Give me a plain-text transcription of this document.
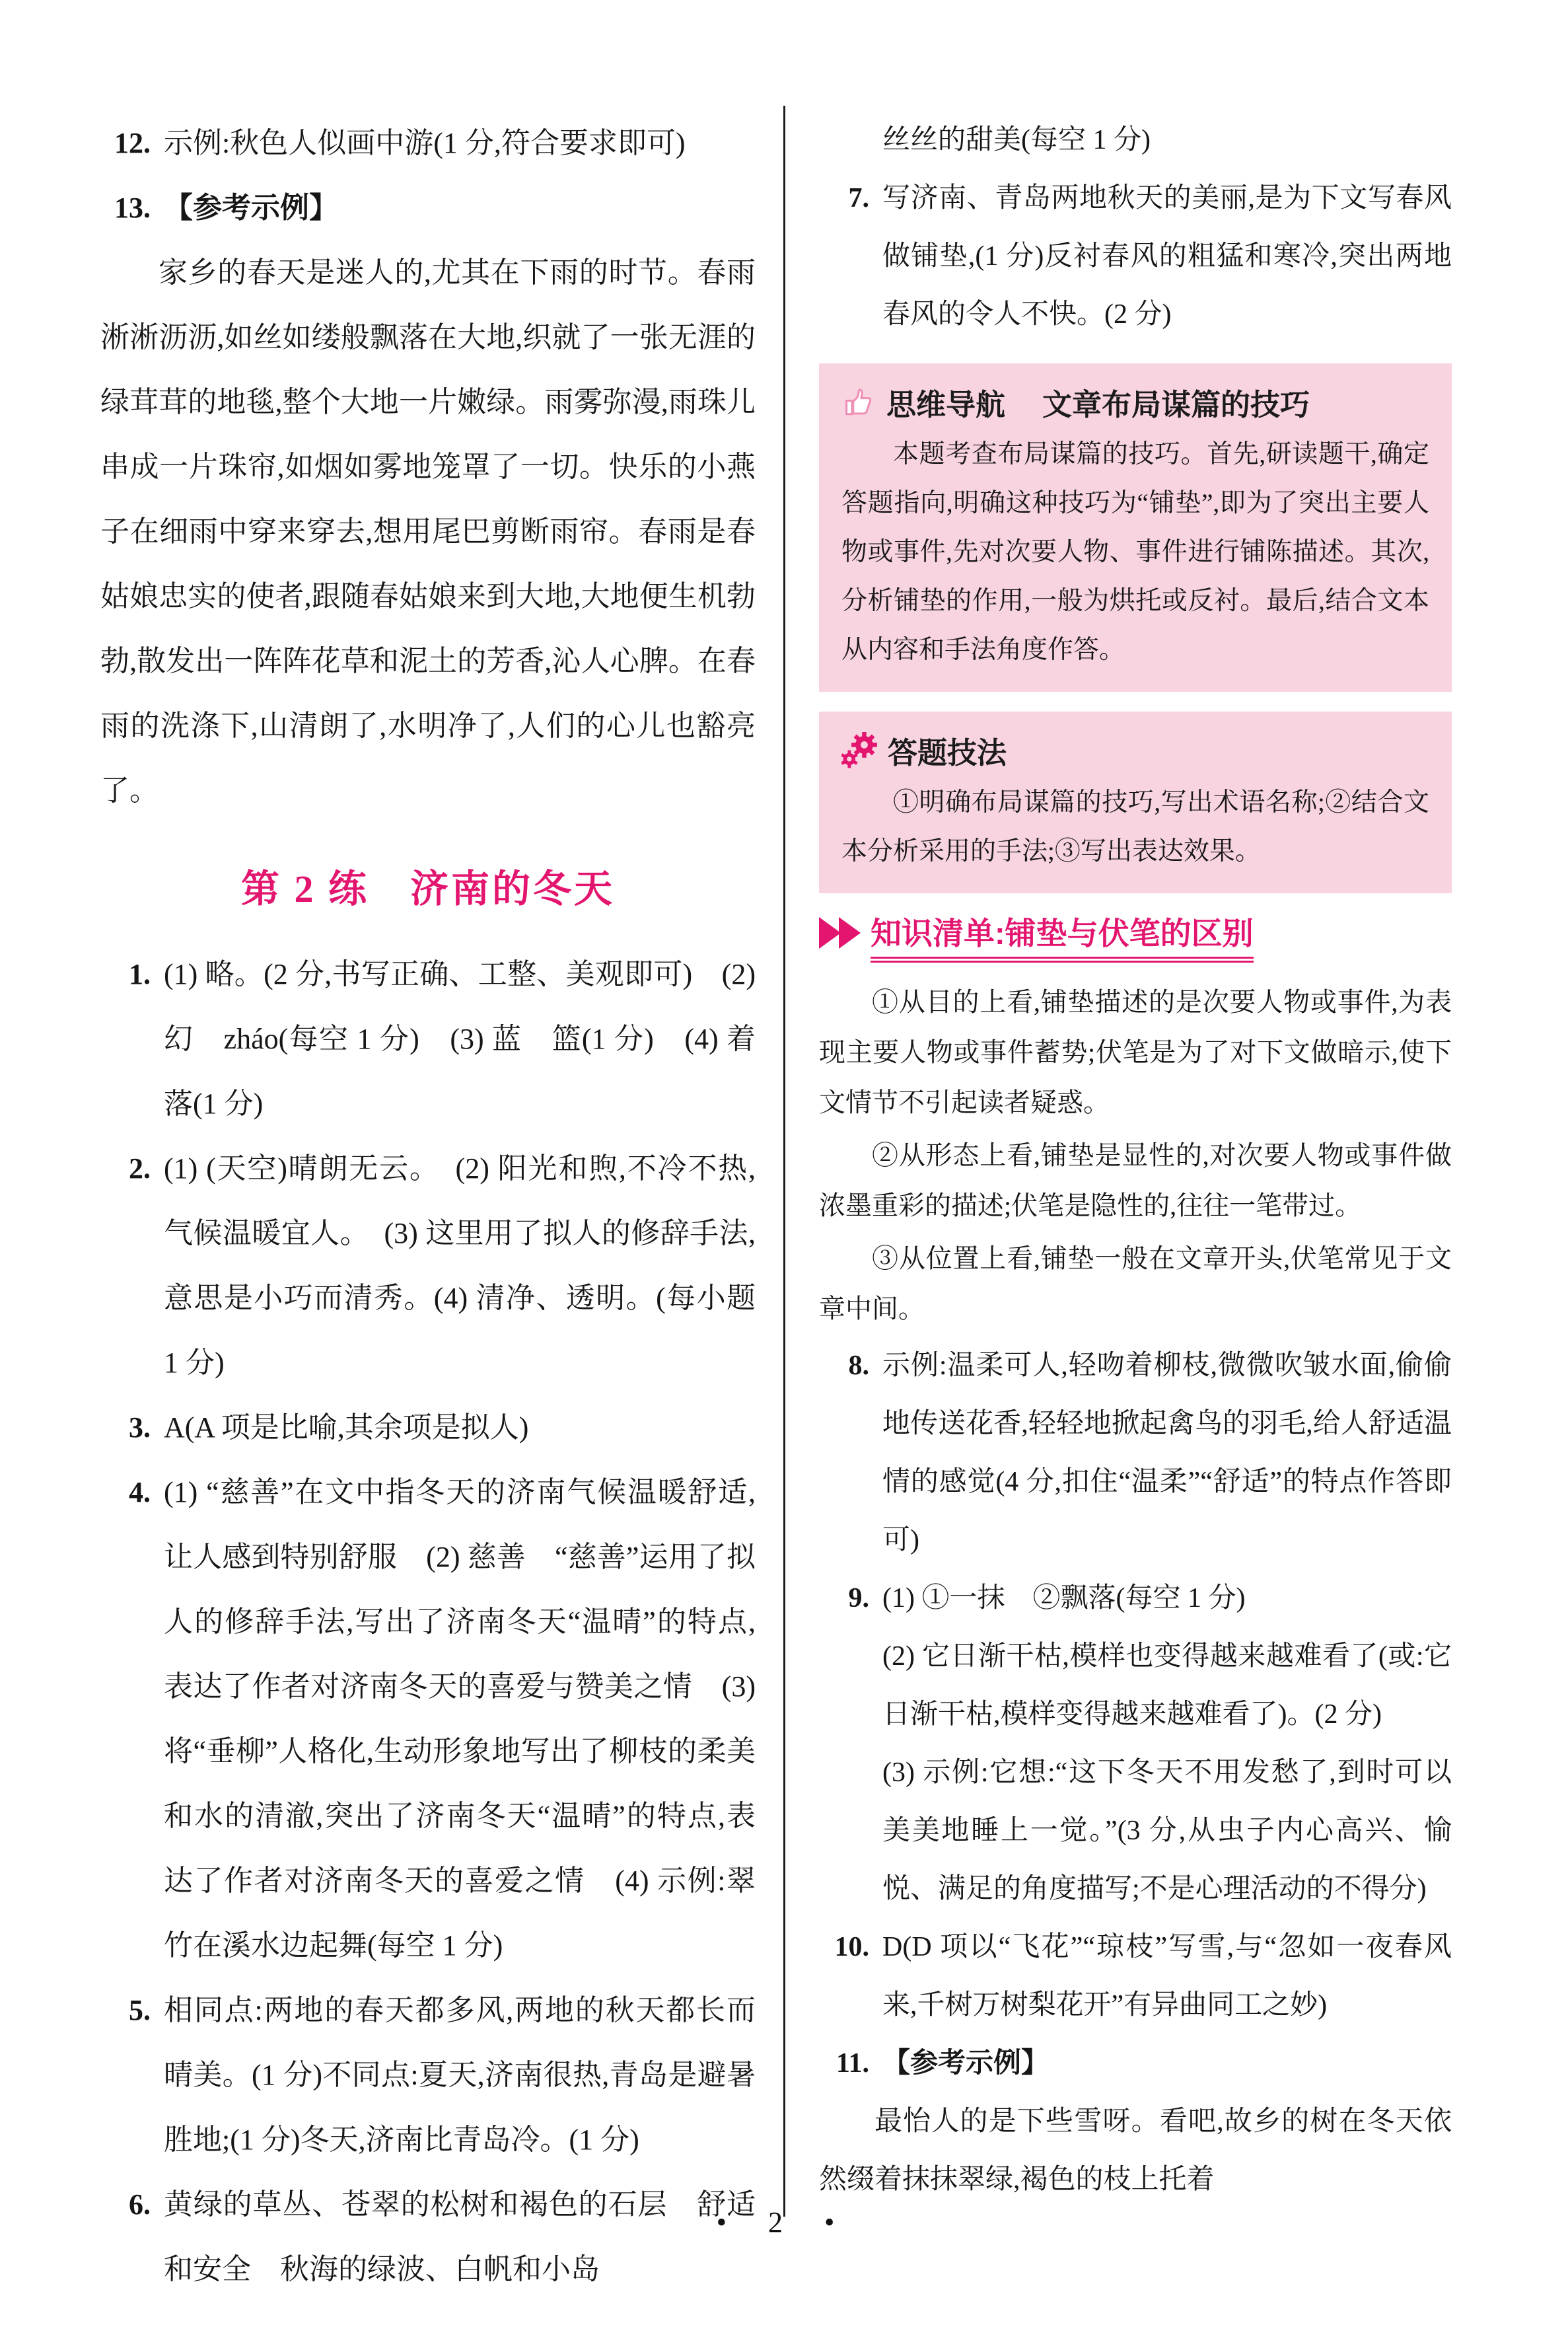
12. 示例:秋色人似画中游(1 分,符合要求即可)
13. 【参考示例】

家乡的春天是迷人的,尤其在下雨的时节。春雨淅淅沥沥,如丝如缕般飘落在大地,织就了一张无涯的绿茸茸的地毯,整个大地一片嫩绿。雨雾弥漫,雨珠儿串成一片珠帘,如烟如雾地笼罩了一切。快乐的小燕子在细雨中穿来穿去,想用尾巴剪断雨帘。春雨是春姑娘忠实的使者,跟随春姑娘来到大地,大地便生机勃勃,散发出一阵阵花草和泥土的芳香,沁人心脾。在春雨的洗涤下,山清朗了,水明净了,人们的心儿也豁亮了。

第 2 练　济南的冬天
1. (1) 略。(2 分,书写正确、工整、美观即可)　(2) 幻　zháo(每空 1 分)　(3) 蓝　篮(1 分)　(4) 着落(1 分)
2. (1) (天空)晴朗无云。　(2) 阳光和煦,不冷不热,气候温暖宜人。　(3) 这里用了拟人的修辞手法,意思是小巧而清秀。(4) 清净、透明。(每小题 1 分)
3. A(A 项是比喻,其余项是拟人)
4. (1) “慈善”在文中指冬天的济南气候温暖舒适,让人感到特别舒服　(2) 慈善　“慈善”运用了拟人的修辞手法,写出了济南冬天“温晴”的特点,表达了作者对济南冬天的喜爱与赞美之情　(3) 将“垂柳”人格化,生动形象地写出了柳枝的柔美和水的清澈,突出了济南冬天“温晴”的特点,表达了作者对济南冬天的喜爱之情　(4) 示例:翠竹在溪水边起舞(每空 1 分)
5. 相同点:两地的春天都多风,两地的秋天都长而晴美。(1 分)不同点:夏天,济南很热,青岛是避暑胜地;(1 分)冬天,济南比青岛冷。(1 分)
6. 黄绿的草丛、苍翠的松树和褐色的石层　舒适和安全　秋海的绿波、白帆和小岛
丝丝的甜美(每空 1 分)
7. 写济南、青岛两地秋天的美丽,是为下文写春风做铺垫,(1 分)反衬春风的粗猛和寒冷,突出两地春风的令人不快。(2 分)
思维导航 文章布局谋篇的技巧

本题考查布局谋篇的技巧。首先,研读题干,确定答题指向,明确这种技巧为“铺垫”,即为了突出主要人物或事件,先对次要人物、事件进行铺陈描述。其次,分析铺垫的作用,一般为烘托或反衬。最后,结合文本从内容和手法角度作答。

答题技法

①明确布局谋篇的技巧,写出术语名称;②结合文本分析采用的手法;③写出表达效果。

知识清单:铺垫与伏笔的区别

①从目的上看,铺垫描述的是次要人物或事件,为表现主要人物或事件蓄势;伏笔是为了对下文做暗示,使下文情节不引起读者疑惑。

②从形态上看,铺垫是显性的,对次要人物或事件做浓墨重彩的描述;伏笔是隐性的,往往一笔带过。

③从位置上看,铺垫一般在文章开头,伏笔常见于文章中间。

8. 示例:温柔可人,轻吻着柳枝,微微吹皱水面,偷偷地传送花香,轻轻地掀起禽鸟的羽毛,给人舒适温情的感觉(4 分,扣住“温柔”“舒适”的特点作答即可)
9. (1) ①一抹　②飘落(每空 1 分)

(2) 它日渐干枯,模样也变得越来越难看了(或:它日渐干枯,模样变得越来越难看了)。(2 分)

(3) 示例:它想:“这下冬天不用发愁了,到时可以美美地睡上一觉。”(3 分,从虫子内心高兴、愉悦、满足的角度描写;不是心理活动的不得分)

10. D(D 项以“飞花”“琼枝”写雪,与“忽如一夜春风来,千树万树梨花开”有异曲同工之妙)
11. 【参考示例】

最怡人的是下些雪呀。看吧,故乡的树在冬天依然缀着抹抹翠绿,褐色的枝上托着

• 2 •
